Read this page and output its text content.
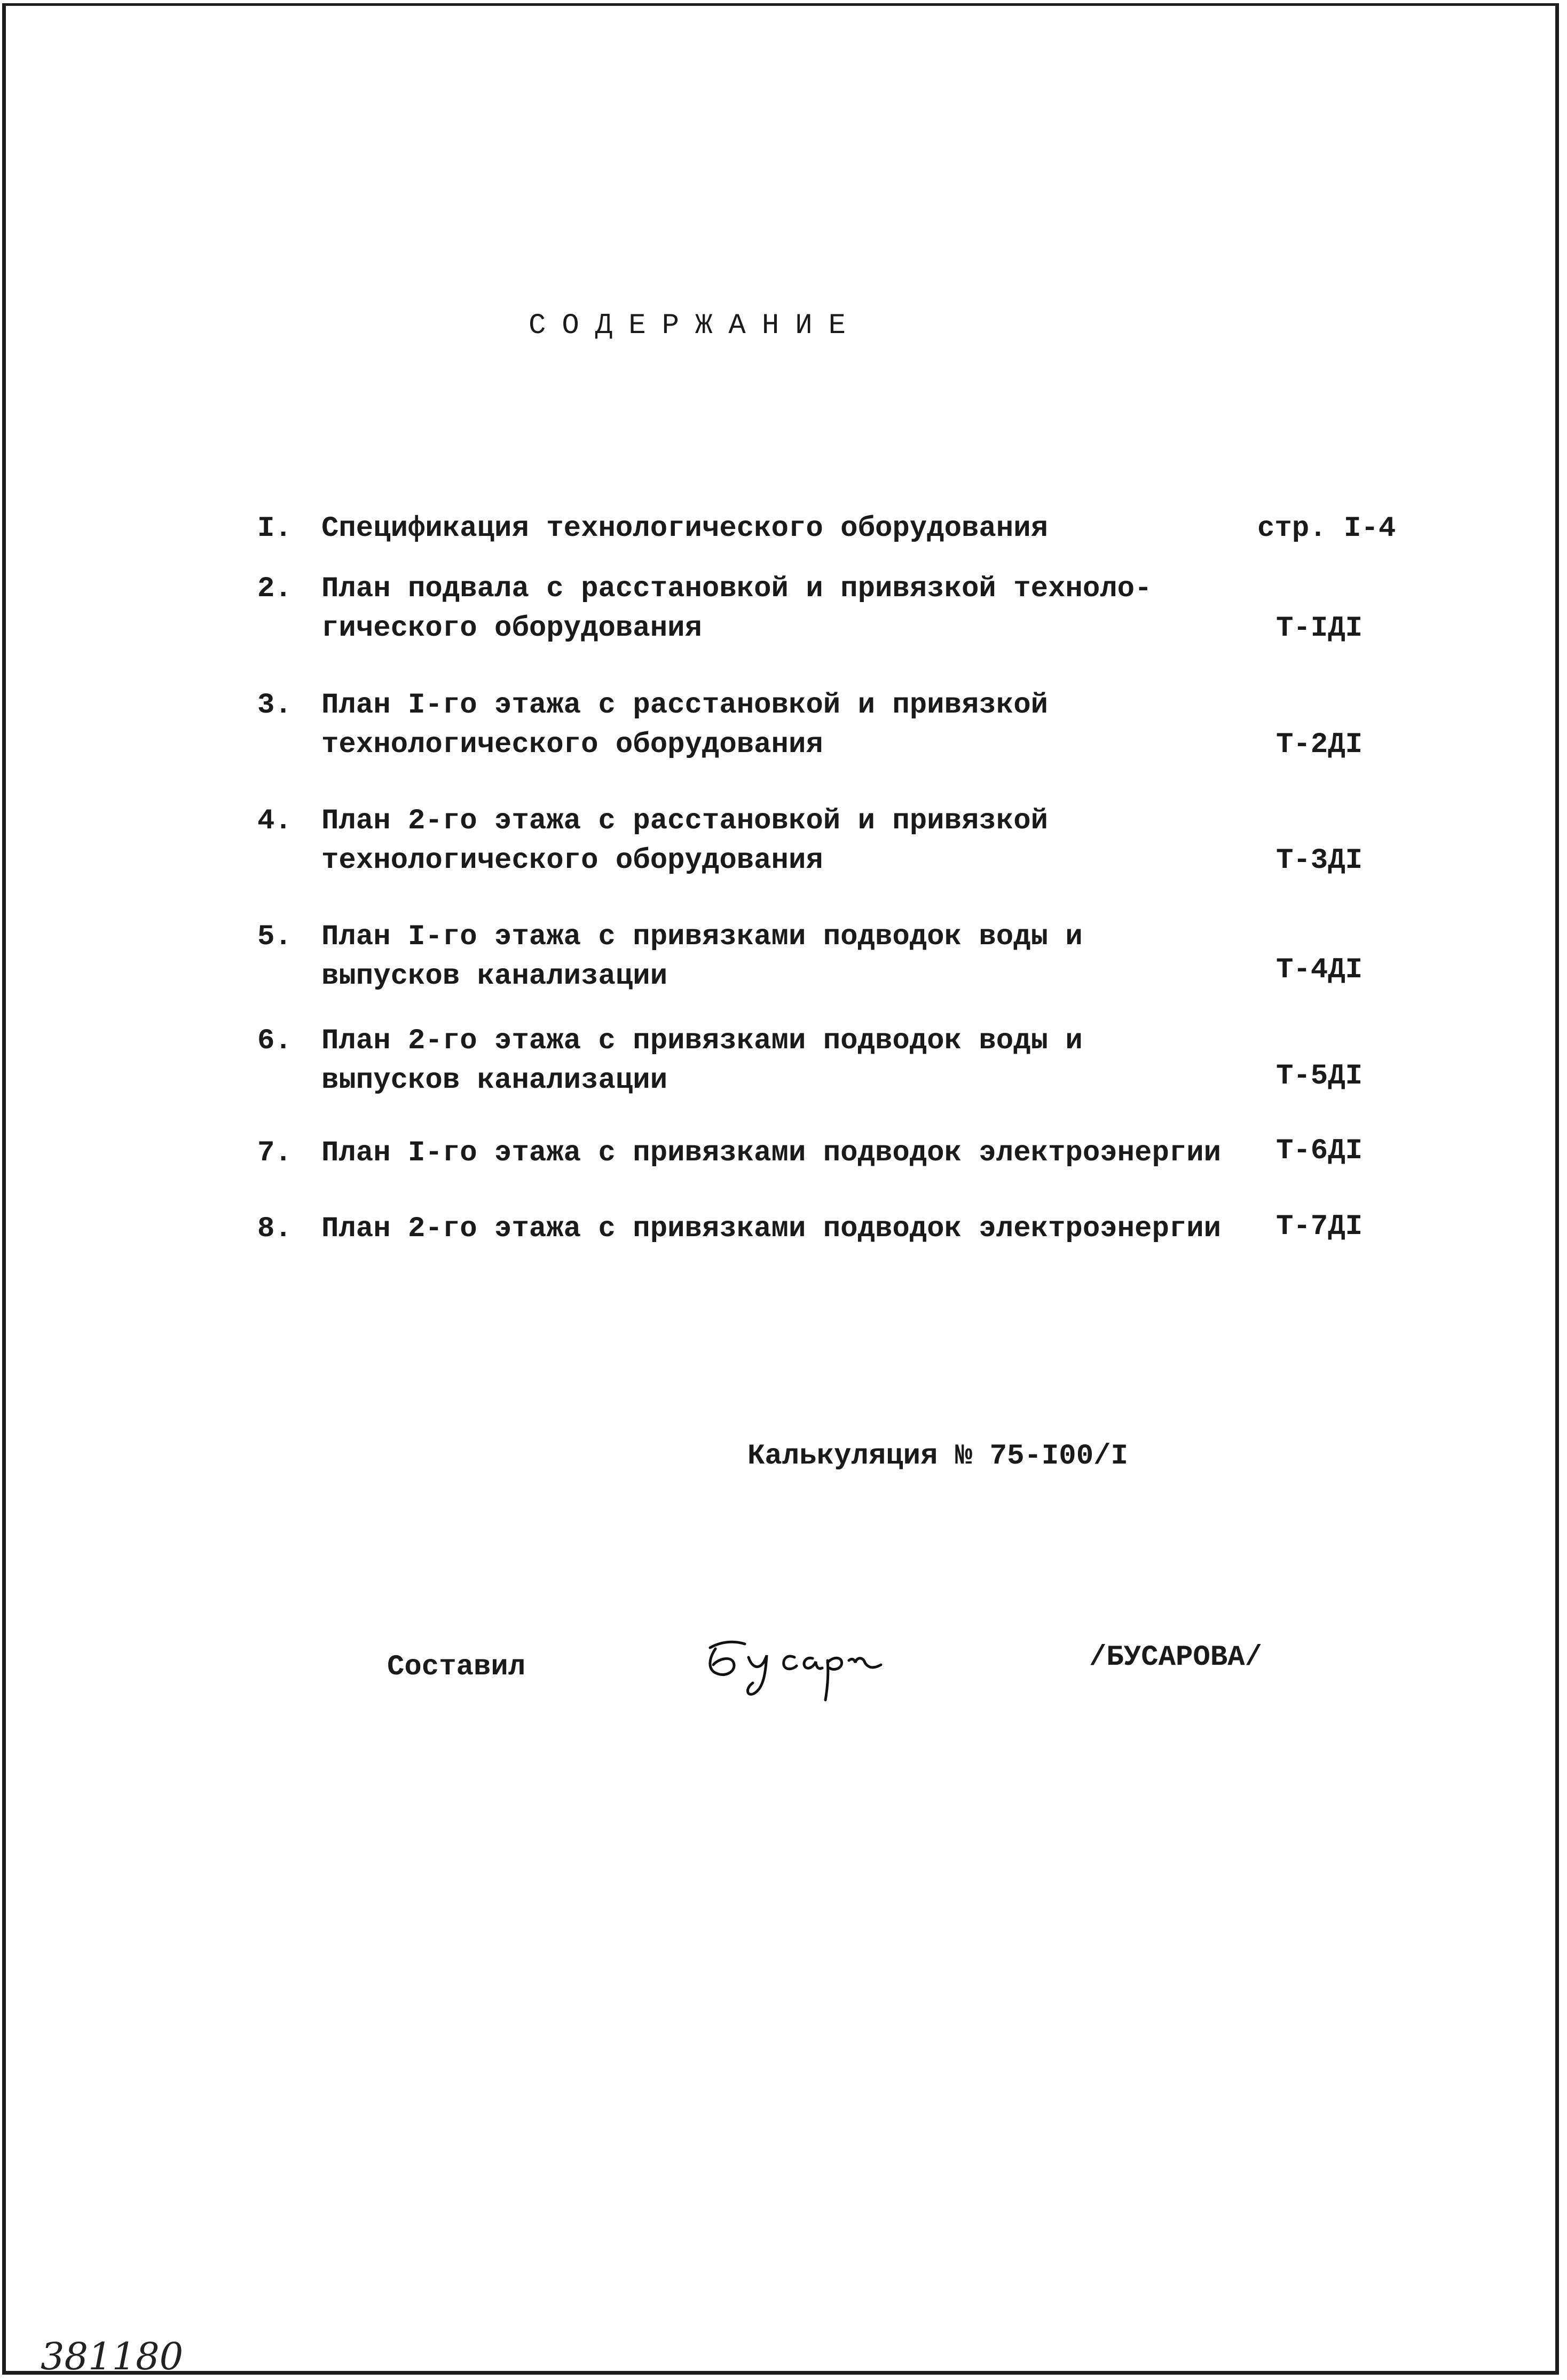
СОДЕРЖАНИЕ
I. Спецификация технологического оборудования	стр. I-4
2. План подвала с расстановкой и привязкой техноло-
гического оборудования	Т-IДI
3. План I-го этажа с расстановкой и привязкой
технологического оборудования	Т-2ДI
4. План 2-го этажа с расстановкой и привязкой
технологического оборудования	Т-3ДI
5. План I-го этажа с привязками подводок воды и
выпусков канализации	Т-4ДI
6. План 2-го этажа с привязками подводок воды и
выпусков канализации	Т-5ДI
7. План I-го этажа с привязками подводок электроэнергии Т-6ДI
8. План 2-го этажа с привязками подводок электроэнергии Т-7ДI
Калькуляция № 75-I00/I
Составил	/БУСАРОВА/
381180
